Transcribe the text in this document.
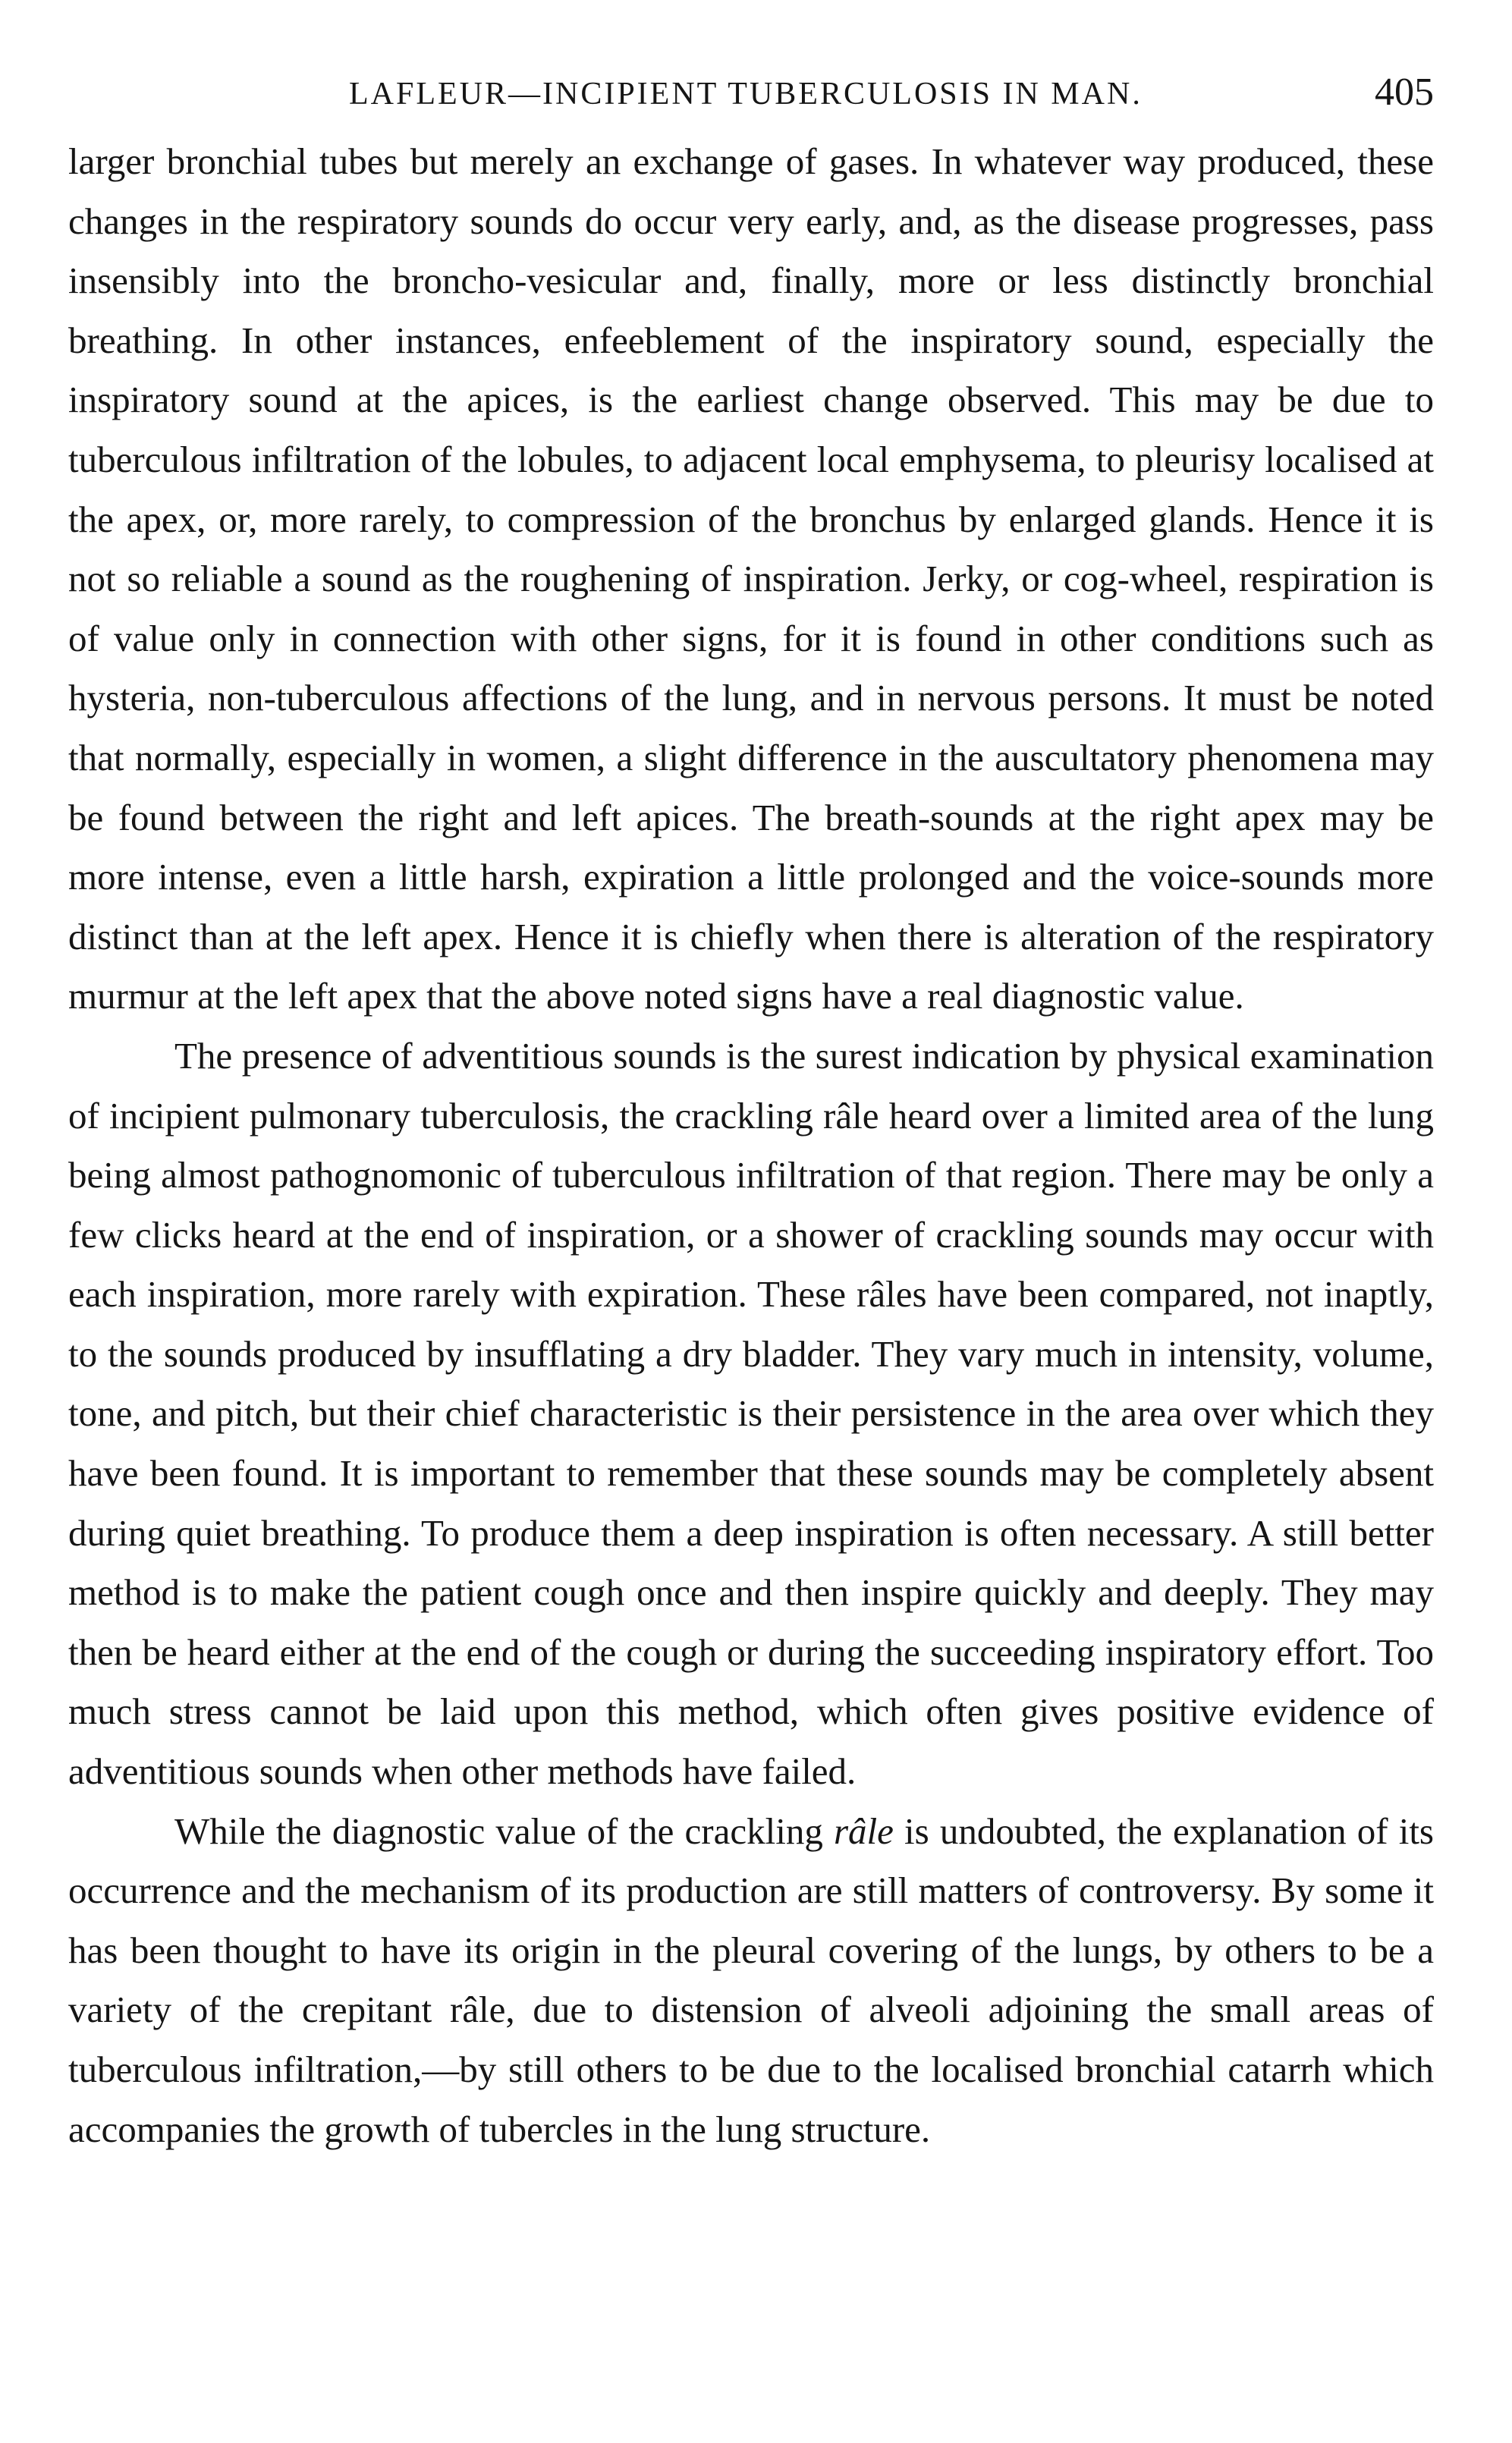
LAFLEUR—INCIPIENT TUBERCULOSIS IN MAN.	405

larger bronchial tubes but merely an exchange of gases. In whatever way produced, these changes in the respiratory sounds do occur very early, and, as the disease progresses, pass insensibly into the broncho-vesicular and, finally, more or less distinctly bronchial breathing. In other instances, enfeeblement of the inspiratory sound, especially the inspiratory sound at the apices, is the earliest change observed. This may be due to tuberculous infiltration of the lobules, to adjacent local emphysema, to pleurisy localised at the apex, or, more rarely, to compression of the bronchus by enlarged glands. Hence it is not so reliable a sound as the roughening of inspiration. Jerky, or cog-wheel, respiration is of value only in connection with other signs, for it is found in other conditions such as hysteria, non-tuberculous affections of the lung, and in nervous persons. It must be noted that normally, especially in women, a slight difference in the auscultatory phenomena may be found between the right and left apices. The breath-sounds at the right apex may be more intense, even a little harsh, expiration a little prolonged and the voice-sounds more distinct than at the left apex. Hence it is chiefly when there is alteration of the respiratory murmur at the left apex that the above noted signs have a real diagnostic value.

The presence of adventitious sounds is the surest indication by physical examination of incipient pulmonary tuberculosis, the crackling râle heard over a limited area of the lung being almost pathognomonic of tuberculous infiltration of that region. There may be only a few clicks heard at the end of inspiration, or a shower of crackling sounds may occur with each inspiration, more rarely with expiration. These râles have been compared, not inaptly, to the sounds produced by insufflating a dry bladder. They vary much in intensity, volume, tone, and pitch, but their chief characteristic is their persistence in the area over which they have been found. It is important to remember that these sounds may be completely absent during quiet breathing. To produce them a deep inspiration is often necessary. A still better method is to make the patient cough once and then inspire quickly and deeply. They may then be heard either at the end of the cough or during the succeeding inspiratory effort. Too much stress cannot be laid upon this method, which often gives positive evidence of adventitious sounds when other methods have failed.

While the diagnostic value of the crackling râle is undoubted, the explanation of its occurrence and the mechanism of its production are still matters of controversy. By some it has been thought to have its origin in the pleural covering of the lungs, by others to be a variety of the crepitant râle, due to distension of alveoli adjoining the small areas of tuberculous infiltration,—by still others to be due to the localised bronchial catarrh which accompanies the growth of tubercles in the lung structure.
